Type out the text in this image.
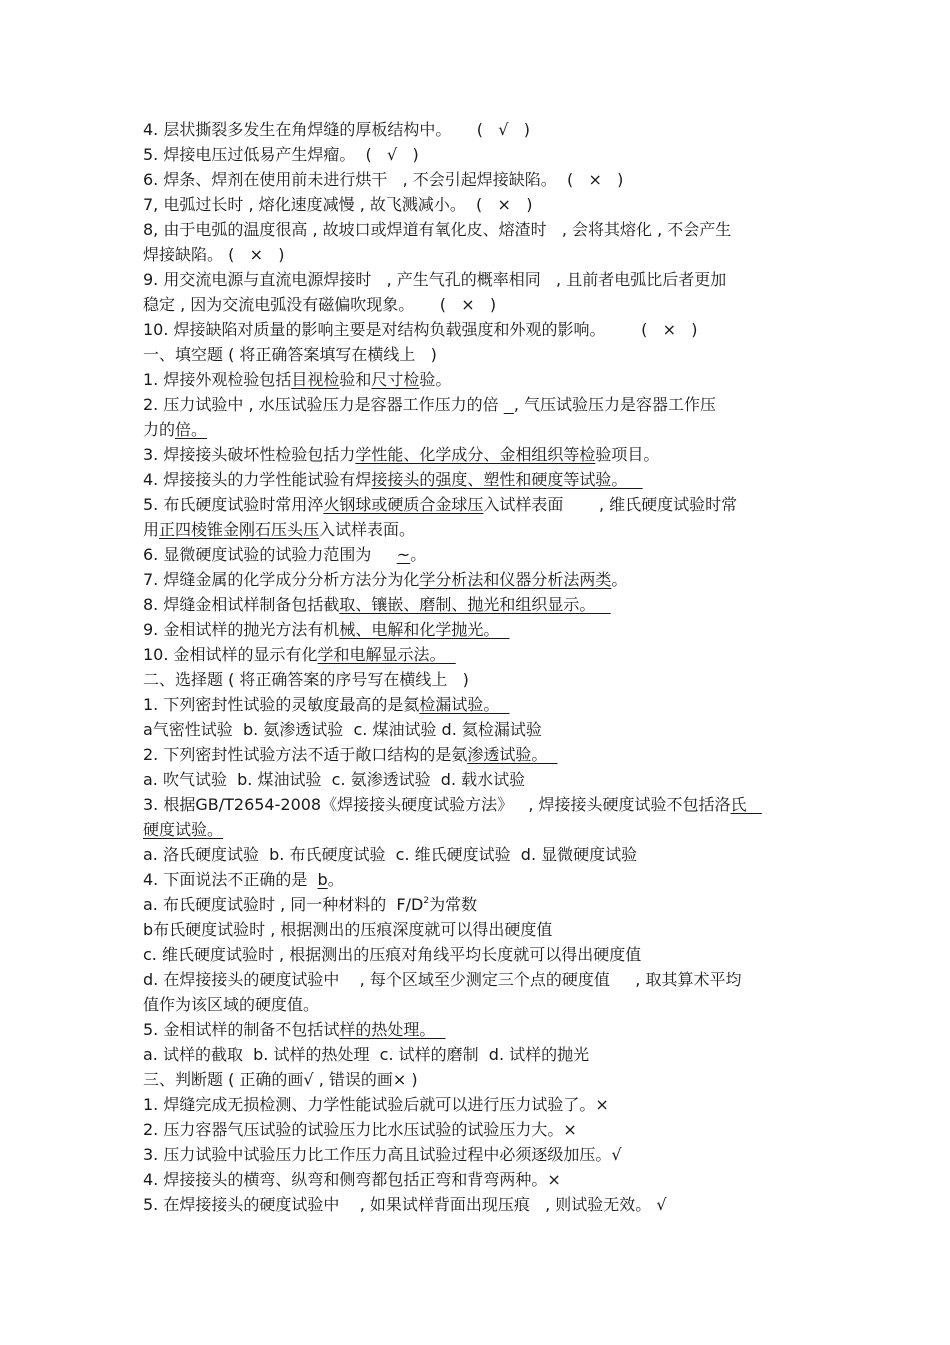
4. 层状撕裂多发生在角焊缝的厚板结构中。     (   √   )
5. 焊接电压过低易产生焊瘤。  (   √   )
6. 焊条、焊剂在使用前未进行烘干   , 不会引起焊接缺陷。  (   ×   )
7, 电弧过长时 , 熔化速度减慢 , 故飞溅减小。  (   ×   )
8, 由于电弧的温度很高 , 故坡口或焊道有氧化皮、熔渣时   , 会将其熔化 , 不会产生
焊接缺陷。 (   ×   )
9. 用交流电源与直流电源焊接时   , 产生气孔的概率相同   , 且前者电弧比后者更加
稳定 , 因为交流电弧没有磁偏吹现象。     (   ×   )
10. 焊接缺陷对质量的影响主要是对结构负载强度和外观的影响。       (   ×   )
一、填空题 ( 将正确答案填写在横线上   )
1. 焊接外观检验包括目视检验和尺寸检验。
2. 压力试验中 , 水压试验压力是容器工作压力的倍   , 气压试验压力是容器工作压
力的倍。
3. 焊接接头破坏性检验包括力学性能、化学成分、金相组织等检验项目。
4. 焊接接头的力学性能试验有焊接接头的强度、塑性和硬度等试验。
5. 布氏硬度试验时常用淬火钢球或硬质合金球压入试样表面       , 维氏硬度试验时常
用正四棱锥金刚石压头压入试样表面。
6. 显微硬度试验的试验力范围为     ~。
7. 焊缝金属的化学成分分析方法分为化学分析法和仪器分析法两类。
8. 焊缝金相试样制备包括截取、镶嵌、磨制、抛光和组织显示。
9. 金相试样的抛光方法有机械、电解和化学抛光。
10. 金相试样的显示有化学和电解显示法。
二、选择题 ( 将正确答案的序号写在横线上   )
1. 下列密封性试验的灵敏度最高的是氦检漏试验。
a气密性试验  b. 氨渗透试验  c. 煤油试验 d. 氦检漏试验
2. 下列密封性试验方法不适于敞口结构的是氨渗透试验。
a. 吹气试验  b. 煤油试验  c. 氨渗透试验  d. 载水试验
3. 根据GB/T2654-2008《焊接接头硬度试验方法》   , 焊接接头硬度试验不包括洛氏
硬度试验。
a. 洛氏硬度试验  b. 布氏硬度试验  c. 维氏硬度试验  d. 显微硬度试验
4. 下面说法不正确的是  b。
a. 布氏硬度试验时 , 同一种材料的  $F/D^2$为常数
b布氏硬度试验时 , 根据测出的压痕深度就可以得出硬度值
c. 维氏硬度试验时 , 根据测出的压痕对角线平均长度就可以得出硬度值
d. 在焊接接头的硬度试验中    , 每个区域至少测定三个点的硬度值     , 取其算术平均
值作为该区域的硬度值。
5. 金相试样的制备不包括试样的热处理。
a. 试样的截取  b. 试样的热处理  c. 试样的磨制  d. 试样的抛光
三、判断题 ( 正确的画√ , 错误的画× )
1. 焊缝完成无损检测、力学性能试验后就可以进行压力试验了。×
2. 压力容器气压试验的试验压力比水压试验的试验压力大。×
3. 压力试验中试验压力比工作压力高且试验过程中必须逐级加压。√
4. 焊接接头的横弯、纵弯和侧弯都包括正弯和背弯两种。×
5. 在焊接接头的硬度试验中    , 如果试样背面出现压痕   , 则试验无效。 √
